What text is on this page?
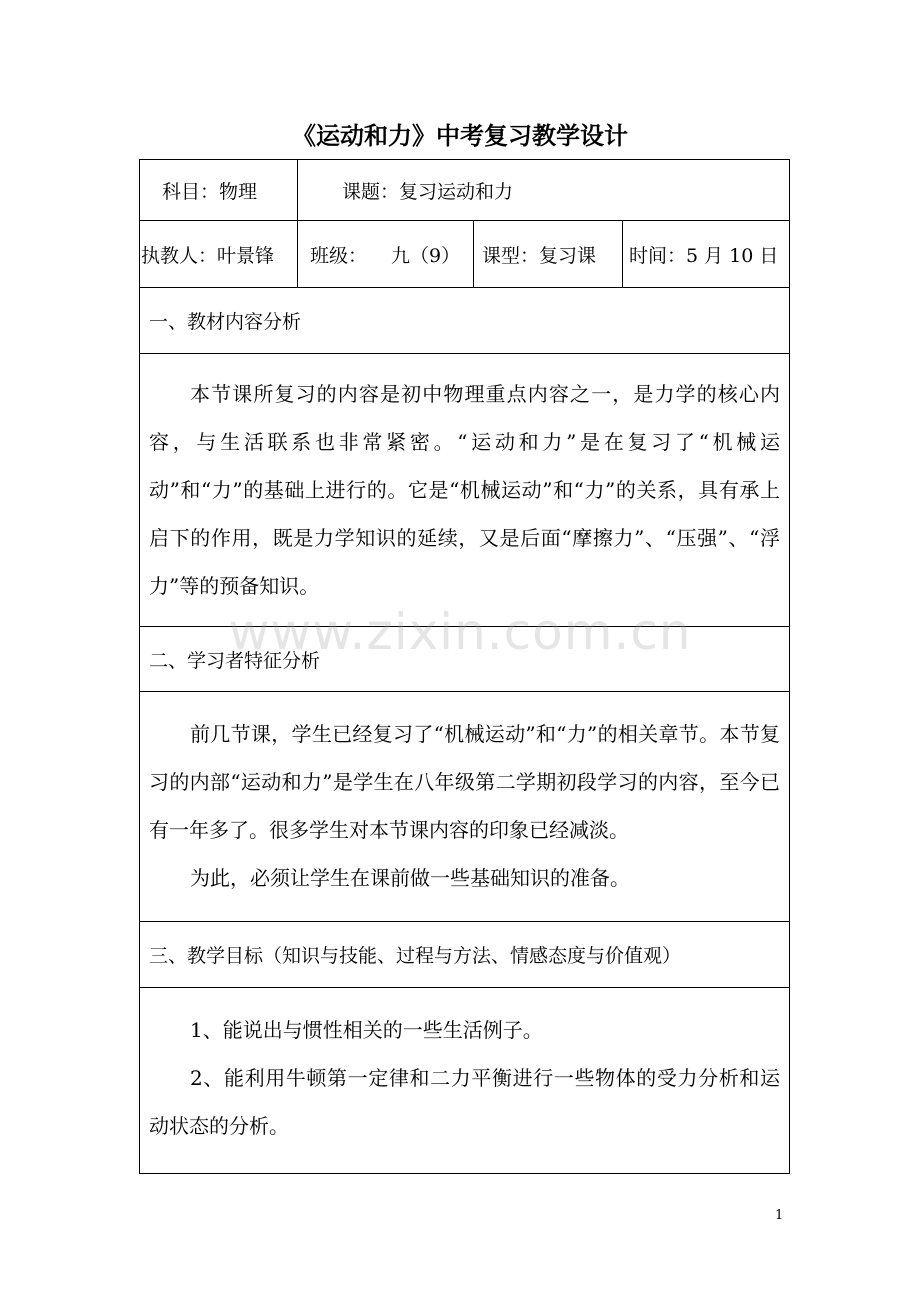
《运动和力》中考复习教学设计
科目：物理	课题：复习运动和力
执教人：叶景锋 班级： 九（9） 课型：复习课 时间：5 月 10 日
一、教材内容分析

本节课所复习的内容是初中物理重点内容之一，是力学的核心内容，与生活联系也非常紧密。“运动和力”是在复习了“机械运动”和“力”的基础上进行的。它是“机械运动”和“力”的关系，具有承上启下的作用，既是力学知识的延续，又是后面“摩擦力”、“压强”、“浮力”等的预备知识。

二、学习者特征分析

前几节课，学生已经复习了“机械运动”和“力”的相关章节。本节复习的内部“运动和力”是学生在八年级第二学期初段学习的内容，至今已有一年多了。很多学生对本节课内容的印象已经减淡。

为此，必须让学生在课前做一些基础知识的准备。

三、教学目标（知识与技能、过程与方法、情感态度与价值观）

1、能说出与惯性相关的一些生活例子。

2、能利用牛顿第一定律和二力平衡进行一些物体的受力分析和运动状态的分析。

www.zixin.com.cn
1
